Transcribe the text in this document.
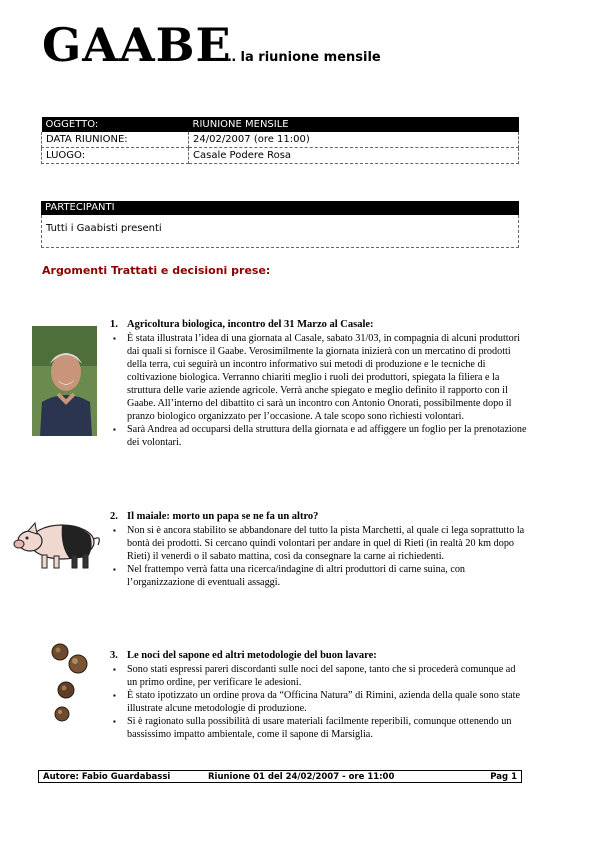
GAABE
… la riunione mensile
OGGETTO:	RIUNIONE MENSILE
DATA RIUNIONE:	24/02/2007 (ore 11:00)
LUOGO:	Casale Podere Rosa
PARTECIPANTI
Tutti i Gaabisti presenti
Argomenti Trattati e decisioni prese:
1. Agricoltura biologica, incontro del 31 Marzo al Casale:
▪ È stata illustrata l’idea di una giornata al Casale, sabato 31/03, in compagnia di alcuni produttori dai quali si fornisce il Gaabe. Verosimilmente la giornata inizierà con un mercatino di prodotti della terra, cui seguirà un incontro informativo sui metodi di produzione e le tecniche di coltivazione biologica. Verranno chiariti meglio i ruoli dei produttori, spiegata la filiera e la struttura delle varie aziende agricole. Verrà anche spiegato e meglio definito il rapporto con il Gaabe. All’interno del dibattito ci sarà un incontro con Antonio Onorati, possibilmente dopo il pranzo biologico organizzato per l’occasione. A tale scopo sono richiesti volontari.
▪ Sarà Andrea ad occuparsi della struttura della giornata e ad affiggere un foglio per la prenotazione dei volontari.
2. Il maiale: morto un papa se ne fa un altro?
▪ Non si è ancora stabilito se abbandonare del tutto la pista Marchetti, al quale ci lega soprattutto la bontà dei prodotti. Si cercano quindi volontari per andare in quel di Rieti (in realtà 20 km dopo Rieti) il venerdì o il sabato mattina, così da consegnare la carne ai richiedenti.
▪ Nel frattempo verrà fatta una ricerca/indagine di altri produttori di carne suina, con l’organizzazione di eventuali assaggi.
3. Le noci del sapone ed altri metodologie del buon lavare:
▪ Sono stati espressi pareri discordanti sulle noci del sapone, tanto che si procederà comunque ad un primo ordine, per verificare le adesioni.
▪ È stato ipotizzato un ordine prova da “Officina Natura” di Rimini, azienda della quale sono state illustrate alcune metodologie di produzione.
▪ Si è ragionato sulla possibilità di usare materiali facilmente reperibili, comunque ottenendo un bassissimo impatto ambientale, come il sapone di Marsiglia.
Autore: Fabio Guardabassi	Riunione 01 del 24/02/2007 - ore 11:00	Pag 1
